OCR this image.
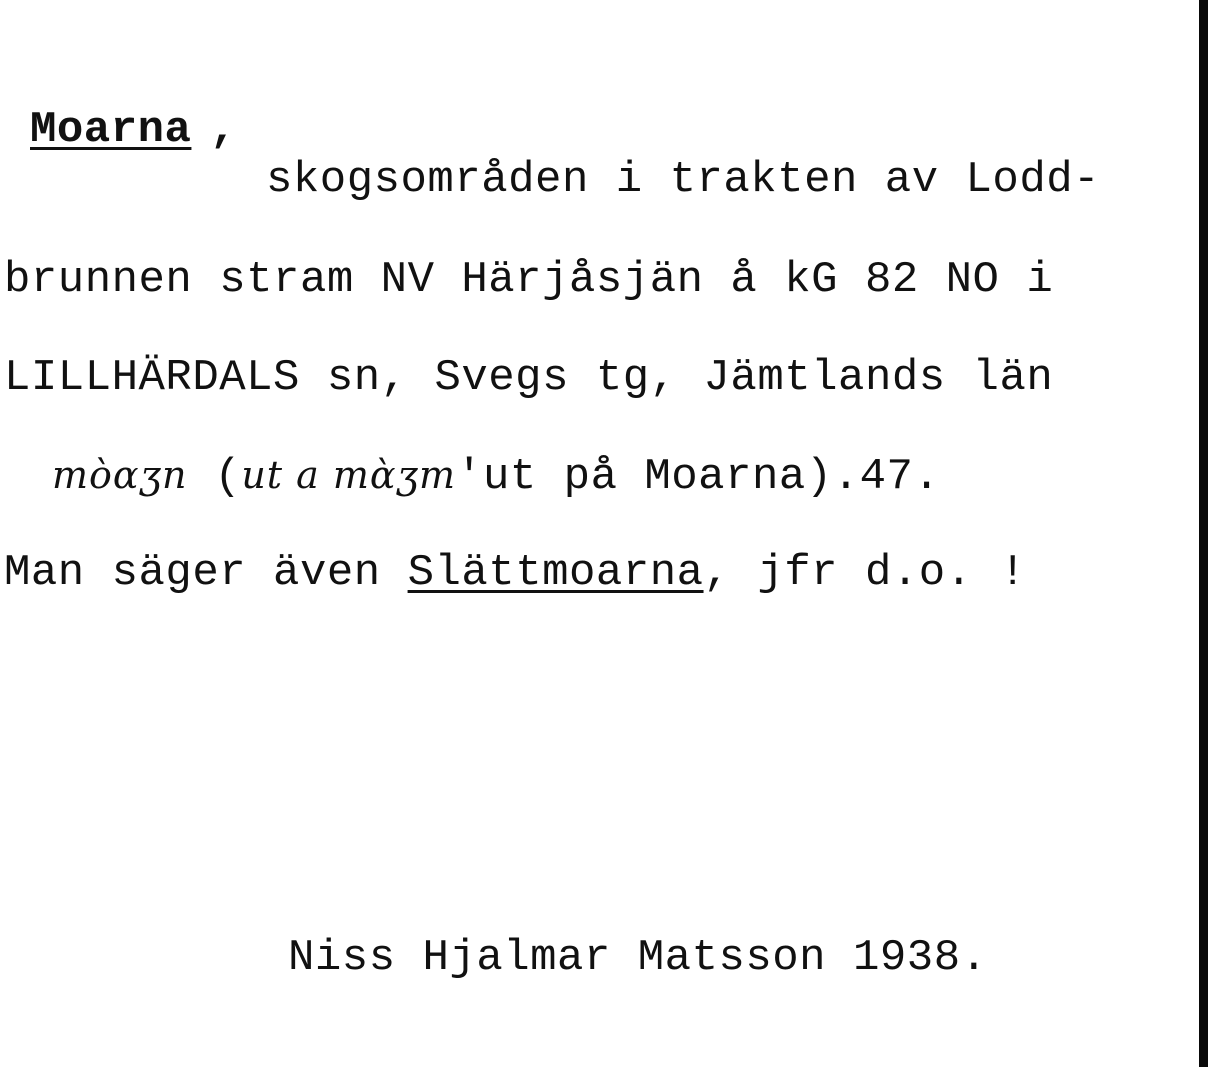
Moarna ,
skogsområden i trakten av Lodd-
brunnen stram NV Härjåsjän å kG 82 NO i
LILLHÄRDALS sn, Svegs tg, Jämtlands län
mòɑʒn (ut a mɑ̀ʒm'ut på Moarna).47.
Man säger även Slättmoarna, jfr d.o. !
Niss Hjalmar Matsson 1938.
